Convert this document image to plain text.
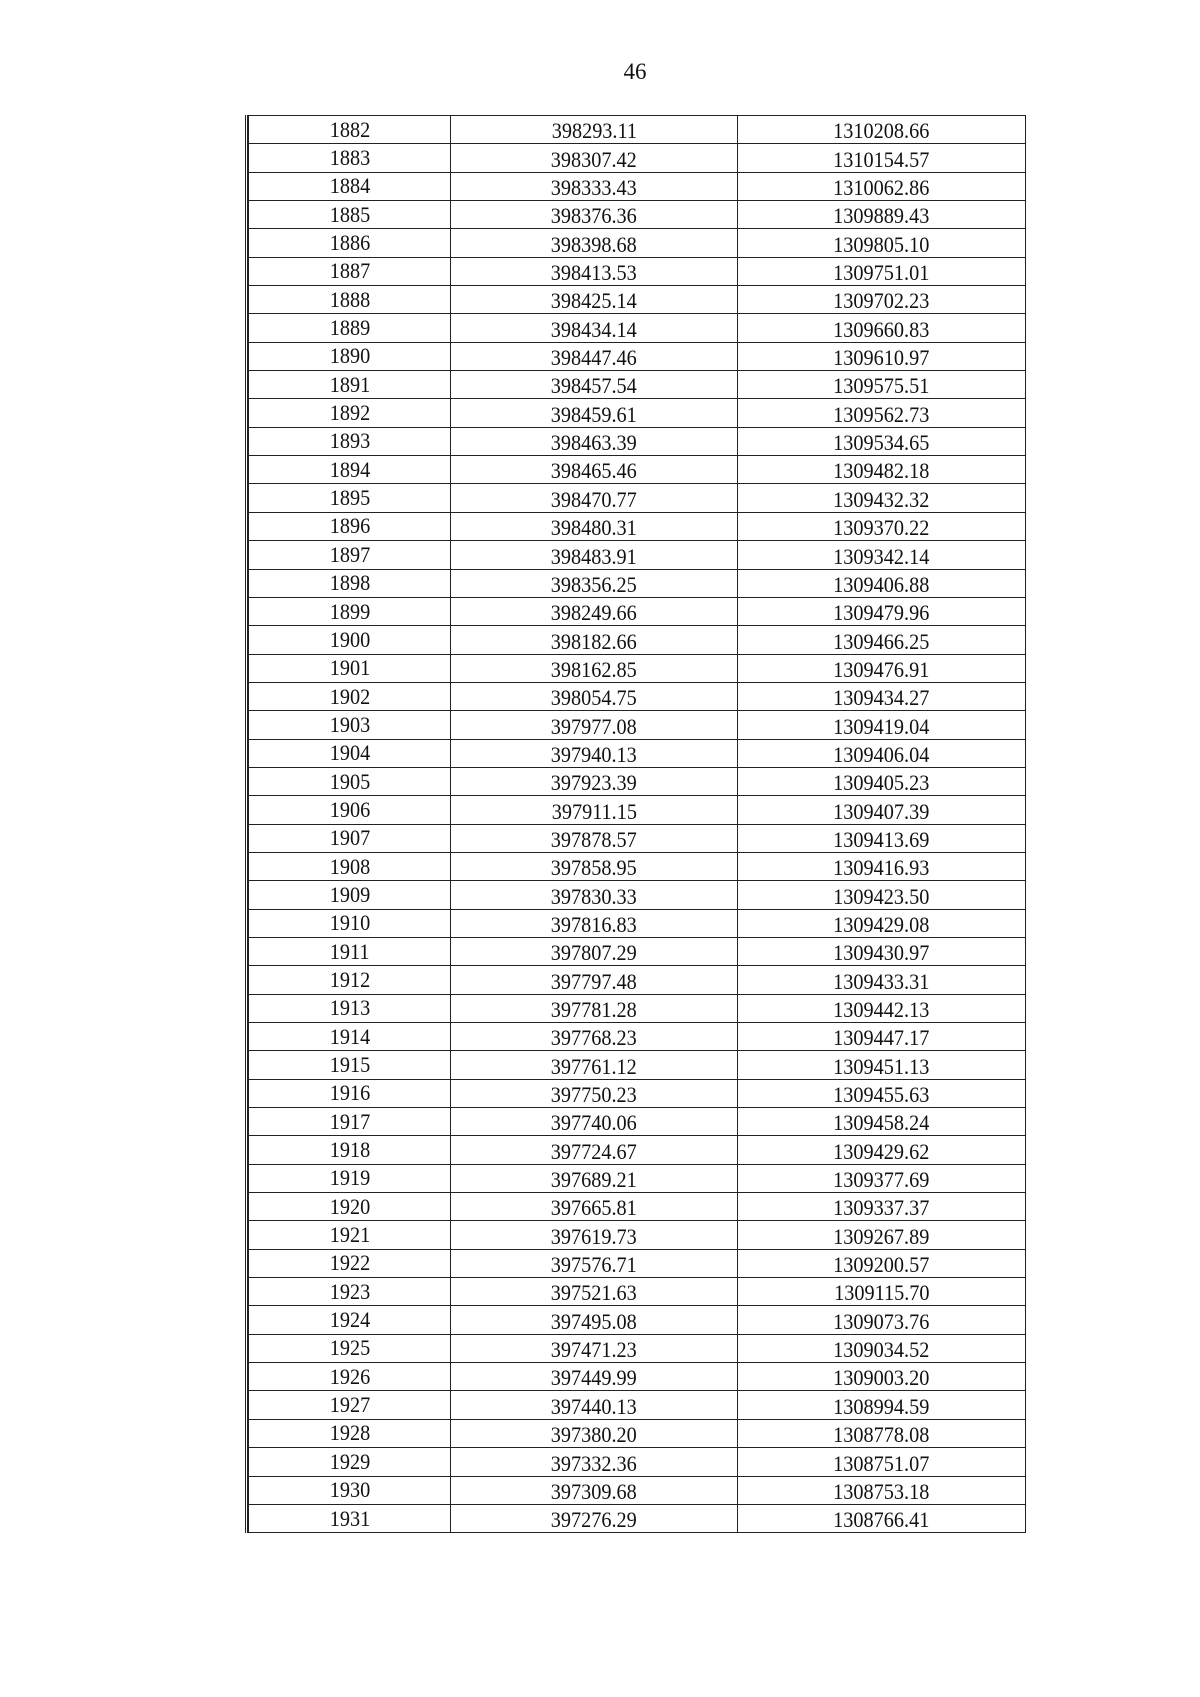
46
1882	398293.11	1310208.66
1883	398307.42	1310154.57
1884	398333.43	1310062.86
1885	398376.36	1309889.43
1886	398398.68	1309805.10
1887	398413.53	1309751.01
1888	398425.14	1309702.23
1889	398434.14	1309660.83
1890	398447.46	1309610.97
1891	398457.54	1309575.51
1892	398459.61	1309562.73
1893	398463.39	1309534.65
1894	398465.46	1309482.18
1895	398470.77	1309432.32
1896	398480.31	1309370.22
1897	398483.91	1309342.14
1898	398356.25	1309406.88
1899	398249.66	1309479.96
1900	398182.66	1309466.25
1901	398162.85	1309476.91
1902	398054.75	1309434.27
1903	397977.08	1309419.04
1904	397940.13	1309406.04
1905	397923.39	1309405.23
1906	397911.15	1309407.39
1907	397878.57	1309413.69
1908	397858.95	1309416.93
1909	397830.33	1309423.50
1910	397816.83	1309429.08
1911	397807.29	1309430.97
1912	397797.48	1309433.31
1913	397781.28	1309442.13
1914	397768.23	1309447.17
1915	397761.12	1309451.13
1916	397750.23	1309455.63
1917	397740.06	1309458.24
1918	397724.67	1309429.62
1919	397689.21	1309377.69
1920	397665.81	1309337.37
1921	397619.73	1309267.89
1922	397576.71	1309200.57
1923	397521.63	1309115.70
1924	397495.08	1309073.76
1925	397471.23	1309034.52
1926	397449.99	1309003.20
1927	397440.13	1308994.59
1928	397380.20	1308778.08
1929	397332.36	1308751.07
1930	397309.68	1308753.18
1931	397276.29	1308766.41
